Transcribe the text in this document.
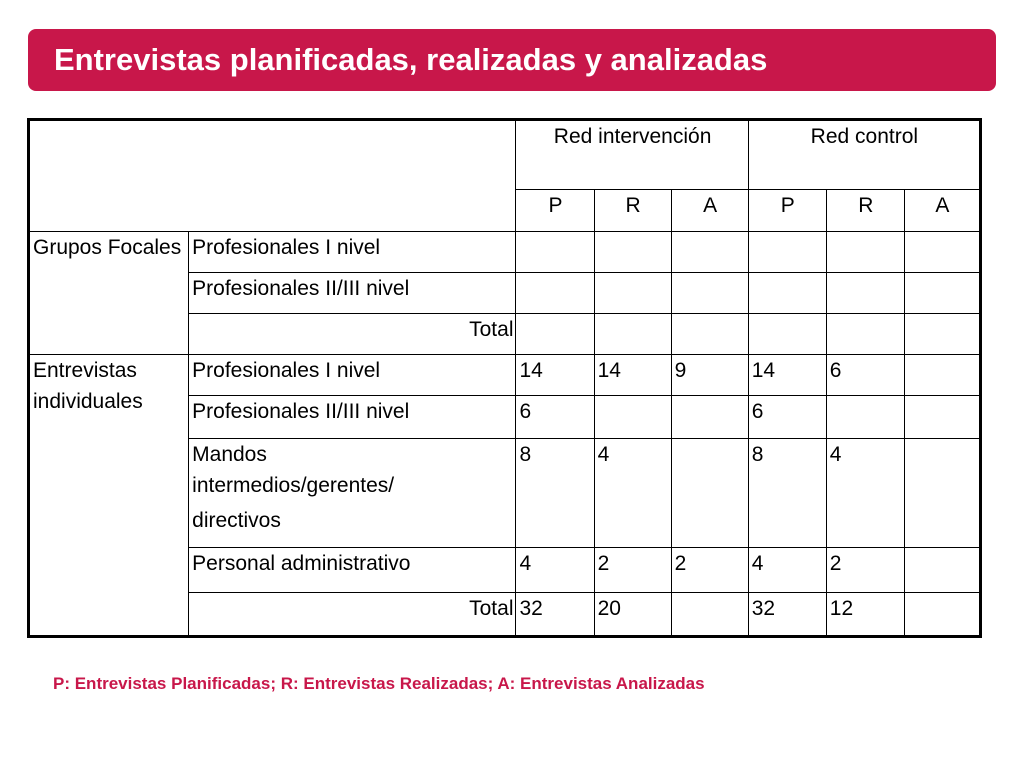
Entrevistas planificadas, realizadas y analizadas
		Red intervención			Red control		
		P	R	A	P	R	A
Grupos Focales	Profesionales I nivel						
	Profesionales II/III nivel						
	Total						
Entrevistas individuales	Profesionales I nivel	14	14	9	14	6	
	Profesionales II/III nivel	6			6		

	Mandos
intermedios/gerentes/
directivos	8	4		8	4	
	Personal administrativo	4	2	2	4	2	
	Total	32	20		32	12	
P: Entrevistas Planificadas; R: Entrevistas Realizadas; A: Entrevistas Analizadas
